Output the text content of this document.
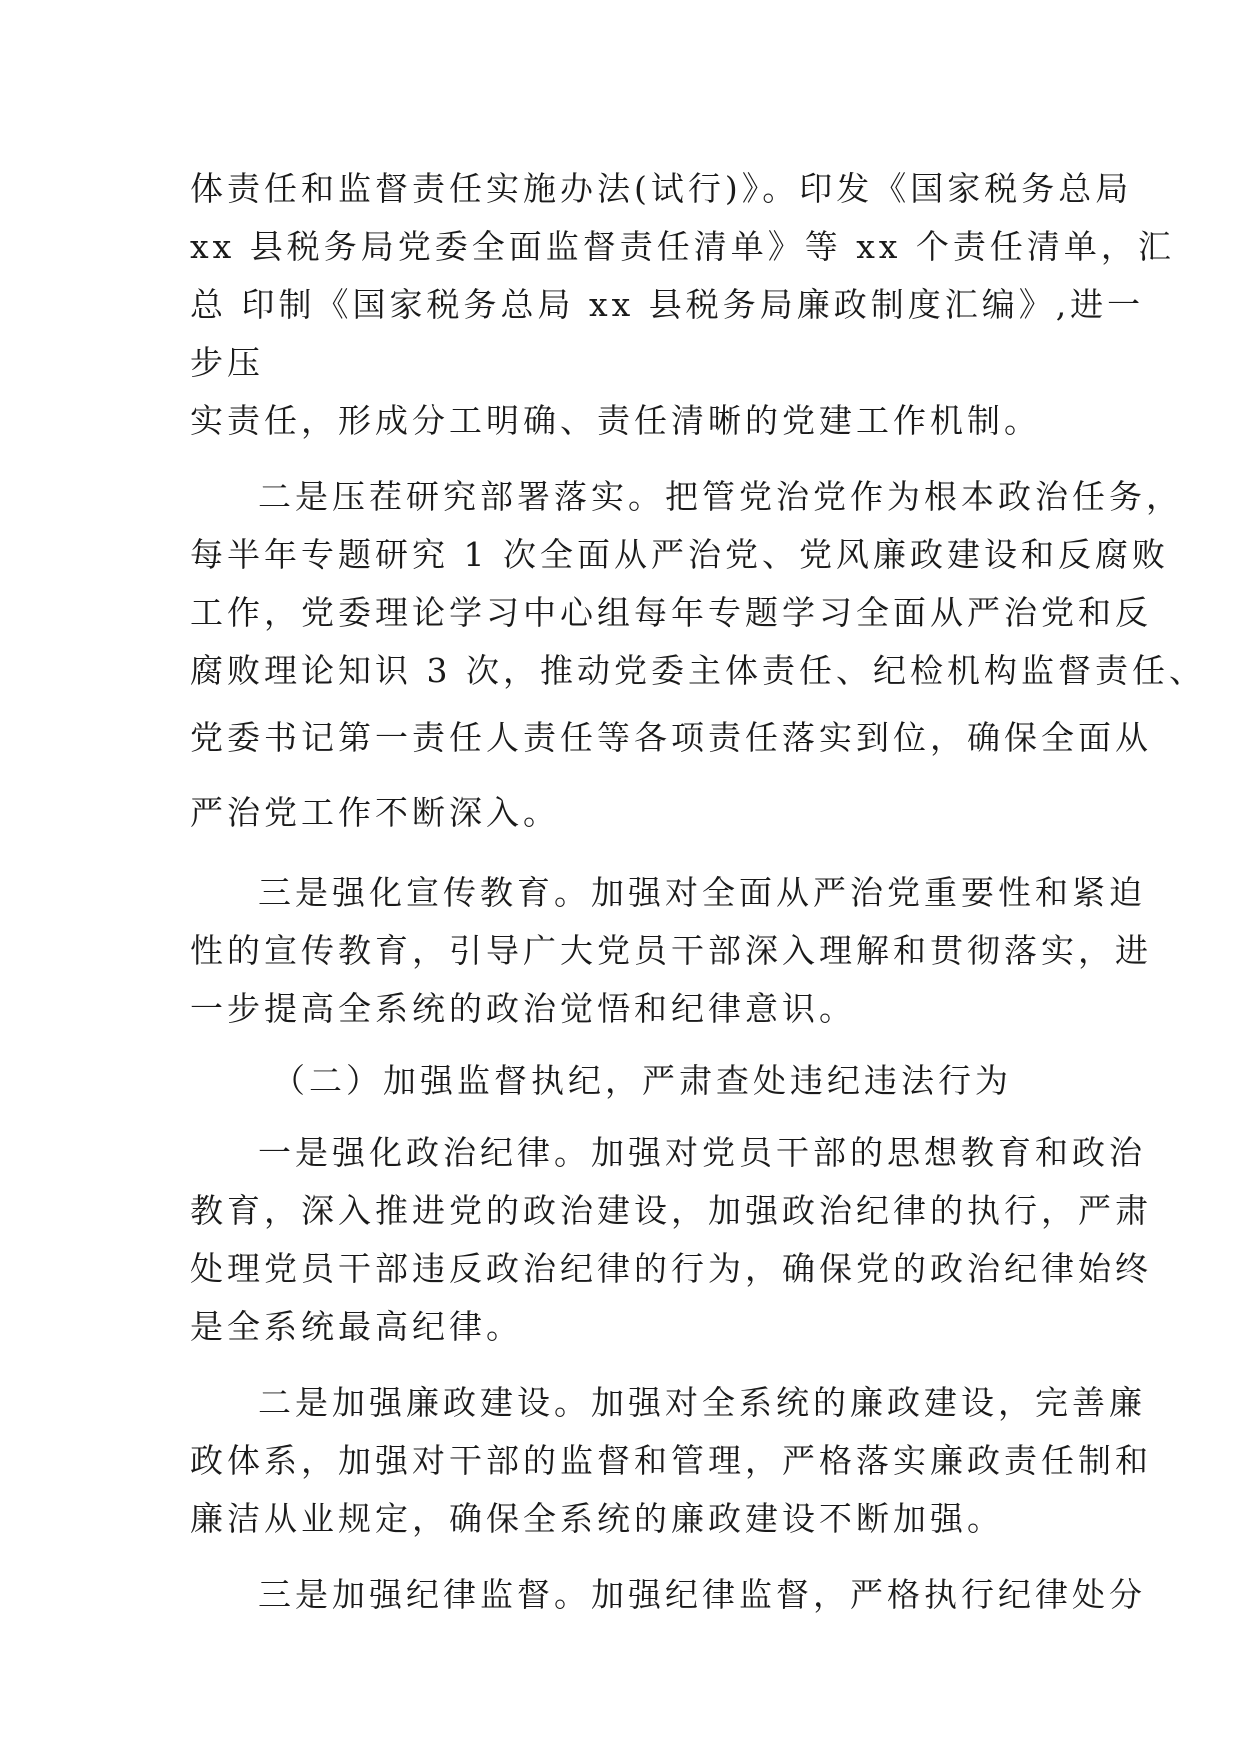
体责任和监督责任实施办法(试行)》。印发《国家税务总局
xx 县税务局党委全面监督责任清单》等 xx 个责任清单，汇
总 印制《国家税务总局 xx 县税务局廉政制度汇编》,进一
步压
实责任，形成分工明确、责任清晰的党建工作机制。
二是压茬研究部署落实。把管党治党作为根本政治任务，
每半年专题研究 1 次全面从严治党、党风廉政建设和反腐败
工作，党委理论学习中心组每年专题学习全面从严治党和反
腐败理论知识 3 次，推动党委主体责任、纪检机构监督责任、
党委书记第一责任人责任等各项责任落实到位，确保全面从
严治党工作不断深入。
三是强化宣传教育。加强对全面从严治党重要性和紧迫
性的宣传教育，引导广大党员干部深入理解和贯彻落实，进
一步提高全系统的政治觉悟和纪律意识。
（二）加强监督执纪，严肃查处违纪违法行为
一是强化政治纪律。加强对党员干部的思想教育和政治
教育，深入推进党的政治建设，加强政治纪律的执行，严肃
处理党员干部违反政治纪律的行为，确保党的政治纪律始终
是全系统最高纪律。
二是加强廉政建设。加强对全系统的廉政建设，完善廉
政体系，加强对干部的监督和管理，严格落实廉政责任制和
廉洁从业规定，确保全系统的廉政建设不断加强。
三是加强纪律监督。加强纪律监督，严格执行纪律处分
